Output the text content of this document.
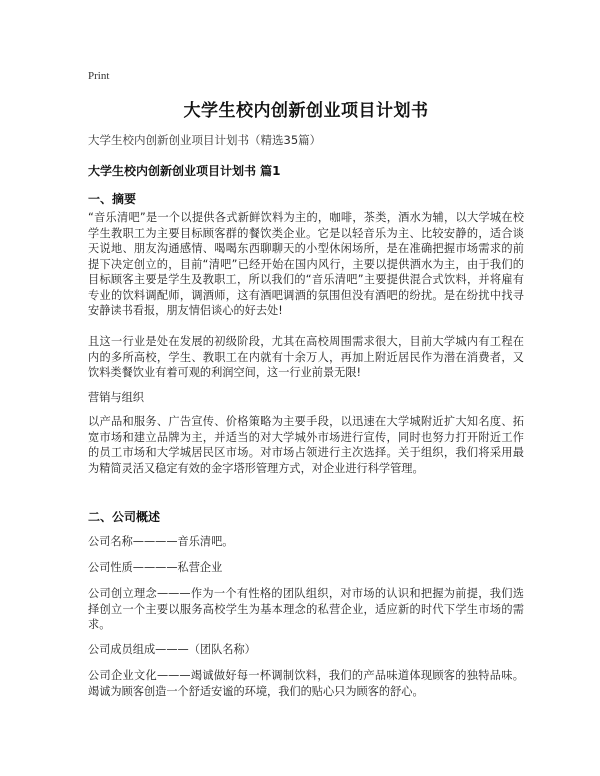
Print
大学生校内创新创业项目计划书
大学生校内创新创业项目计划书（精选35篇）
大学生校内创新创业项目计划书 篇1
一、摘要

“音乐清吧”是一个以提供各式新鲜饮料为主的，咖啡，茶类，酒水为辅，以大学城在校学生教职工为主要目标顾客群的餐饮类企业。它是以轻音乐为主、比较安静的，适合谈天说地、朋友沟通感情、喝喝东西聊聊天的小型休闲场所，是在准确把握市场需求的前提下决定创立的，目前“清吧”已经开始在国内风行，主要以提供酒水为主，由于我们的目标顾客主要是学生及教职工，所以我们的“音乐清吧”主要提供混合式饮料，并将雇有专业的饮料调配师，调酒师，这有酒吧调酒的氛围但没有酒吧的纷扰。是在纷扰中找寻安静读书看报，朋友情侣谈心的好去处!

且这一行业是处在发展的初级阶段，尤其在高校周围需求很大，目前大学城内有工程在内的多所高校，学生、教职工在内就有十余万人，再加上附近居民作为潜在消费者，又饮料类餐饮业有着可观的利润空间，这一行业前景无限!

营销与组织

以产品和服务、广告宣传、价格策略为主要手段，以迅速在大学城附近扩大知名度、拓宽市场和建立品牌为主，并适当的对大学城外市场进行宣传，同时也努力打开附近工作的员工市场和大学城居民区市场。对市场占领进行主次选择。关于组织，我们将采用最为精简灵活又稳定有效的金字塔形管理方式，对企业进行科学管理。

二、公司概述
公司名称————音乐清吧。
公司性质————私营企业

公司创立理念———作为一个有性格的团队组织，对市场的认识和把握为前提，我们选择创立一个主要以服务高校学生为基本理念的私营企业，适应新的时代下学生市场的需求。

公司成员组成———（团队名称）

公司企业文化———竭诚做好每一杯调制饮料，我们的产品味道体现顾客的独特品味。竭诚为顾客创造一个舒适安谧的环境，我们的贴心只为顾客的舒心。
